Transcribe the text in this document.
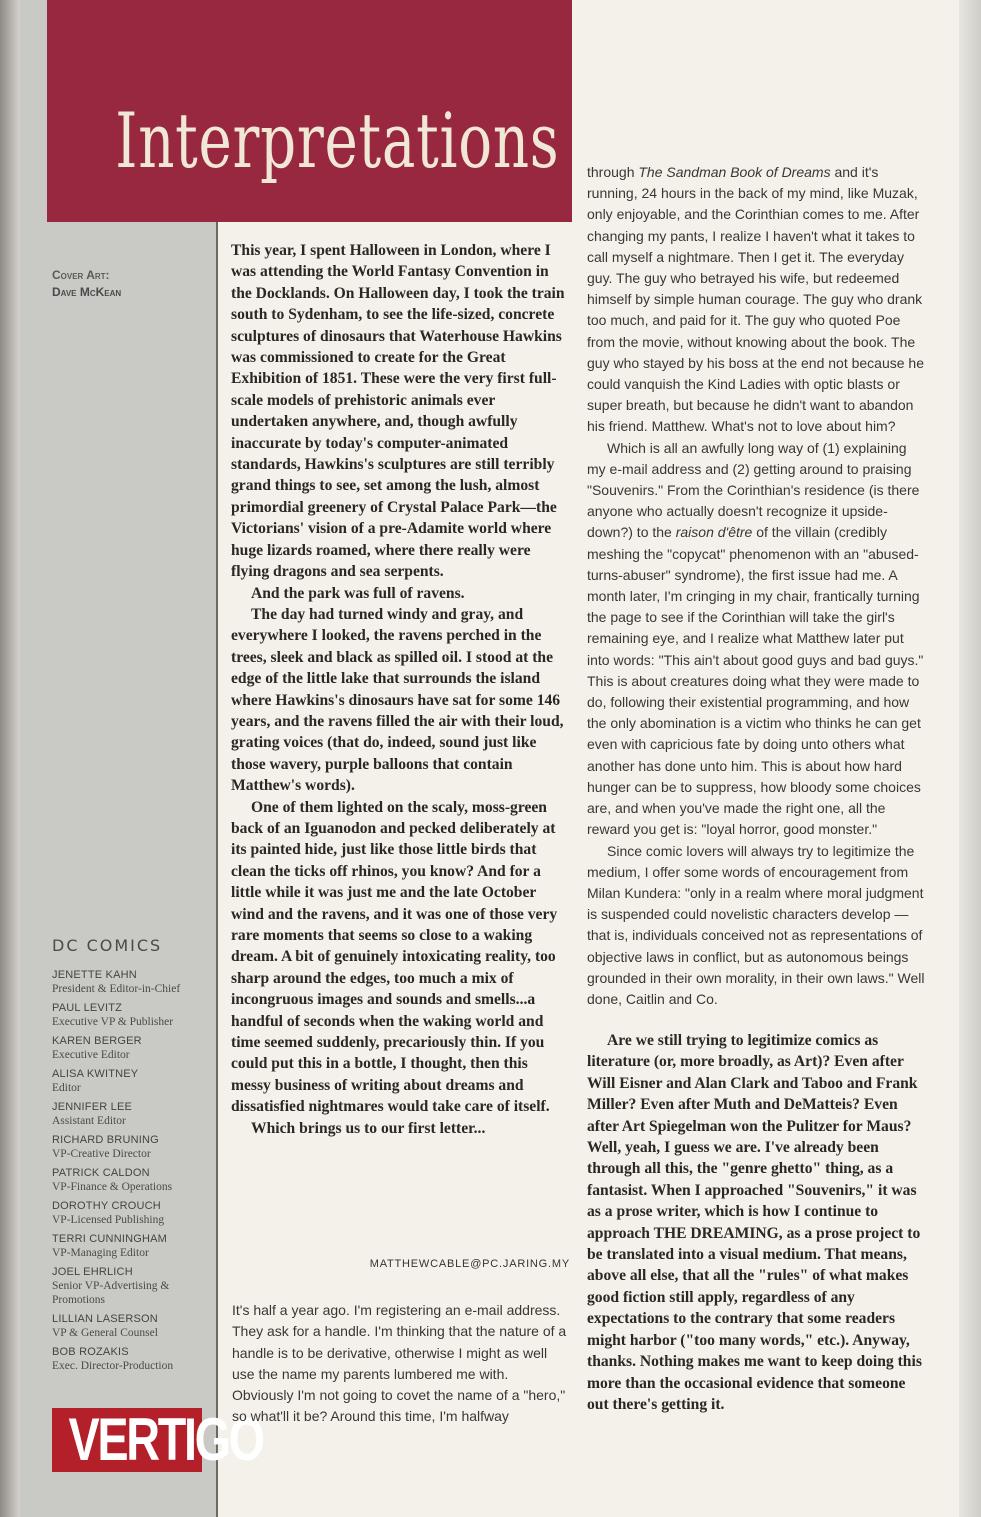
Interpretations
Cover Art:
Dave McKean
DC COMICS
JENETTE KAHN
President & Editor-in-Chief
PAUL LEVITZ
Executive VP & Publisher
KAREN BERGER
Executive Editor
ALISA KWITNEY
Editor
JENNIFER LEE
Assistant Editor
RICHARD BRUNING
VP-Creative Director
PATRICK CALDON
VP-Finance & Operations
DOROTHY CROUCH
VP-Licensed Publishing
TERRI CUNNINGHAM
VP-Managing Editor
JOEL EHRLICH
Senior VP-Advertising & Promotions
LILLIAN LASERSON
VP & General Counsel
BOB ROZAKIS
Exec. Director-Production
VERTIGO

This year, I spent Halloween in London, where I was attending the World Fantasy Convention in the Docklands. On Halloween day, I took the train south to Sydenham, to see the life-sized, concrete sculptures of dinosaurs that Waterhouse Hawkins was commissioned to create for the Great Exhibition of 1851. These were the very first full-scale models of prehistoric animals ever undertaken anywhere, and, though awfully inaccurate by today's computer-animated standards, Hawkins's sculptures are still terribly grand things to see, set among the lush, almost primordial greenery of Crystal Palace Park—the Victorians' vision of a pre-Adamite world where huge lizards roamed, where there really were flying dragons and sea serpents.

And the park was full of ravens.

The day had turned windy and gray, and everywhere I looked, the ravens perched in the trees, sleek and black as spilled oil. I stood at the edge of the little lake that surrounds the island where Hawkins's dinosaurs have sat for some 146 years, and the ravens filled the air with their loud, grating voices (that do, indeed, sound just like those wavery, purple balloons that contain Matthew's words).

One of them lighted on the scaly, moss-green back of an Iguanodon and pecked deliberately at its painted hide, just like those little birds that clean the ticks off rhinos, you know? And for a little while it was just me and the late October wind and the ravens, and it was one of those very rare moments that seems so close to a waking dream. A bit of genuinely intoxicating reality, too sharp around the edges, too much a mix of incongruous images and sounds and smells...a handful of seconds when the waking world and time seemed suddenly, precariously thin. If you could put this in a bottle, I thought, then this messy business of writing about dreams and dissatisfied nightmares would take care of itself.

Which brings us to our first letter...

MATTHEWCABLE@PC.JARING.MY

It's half a year ago. I'm registering an e-mail address. They ask for a handle. I'm thinking that the nature of a handle is to be derivative, otherwise I might as well use the name my parents lumbered me with. Obviously I'm not going to covet the name of a "hero," so what'll it be? Around this time, I'm halfway

through The Sandman Book of Dreams and it's running, 24 hours in the back of my mind, like Muzak, only enjoyable, and the Corinthian comes to me. After changing my pants, I realize I haven't what it takes to call myself a nightmare. Then I get it. The everyday guy. The guy who betrayed his wife, but redeemed himself by simple human courage. The guy who drank too much, and paid for it. The guy who quoted Poe from the movie, without knowing about the book. The guy who stayed by his boss at the end not because he could vanquish the Kind Ladies with optic blasts or super breath, but because he didn't want to abandon his friend. Matthew. What's not to love about him?

Which is all an awfully long way of (1) explaining my e-mail address and (2) getting around to praising "Souvenirs." From the Corinthian's residence (is there anyone who actually doesn't recognize it upside-down?) to the raison d'être of the villain (credibly meshing the "copycat" phenomenon with an "abused-turns-abuser" syndrome), the first issue had me. A month later, I'm cringing in my chair, frantically turning the page to see if the Corinthian will take the girl's remaining eye, and I realize what Matthew later put into words: "This ain't about good guys and bad guys." This is about creatures doing what they were made to do, following their existential programming, and how the only abomination is a victim who thinks he can get even with capricious fate by doing unto others what another has done unto him. This is about how hard hunger can be to suppress, how bloody some choices are, and when you've made the right one, all the reward you get is: "loyal horror, good monster."

Since comic lovers will always try to legitimize the medium, I offer some words of encouragement from Milan Kundera: "only in a realm where moral judgment is suspended could novelistic characters develop — that is, individuals conceived not as representations of objective laws in conflict, but as autonomous beings grounded in their own morality, in their own laws." Well done, Caitlin and Co.

Are we still trying to legitimize comics as literature (or, more broadly, as Art)? Even after Will Eisner and Alan Clark and Taboo and Frank Miller? Even after Muth and DeMatteis? Even after Art Spiegelman won the Pulitzer for Maus? Well, yeah, I guess we are. I've already been through all this, the "genre ghetto" thing, as a fantasist. When I approached "Souvenirs," it was as a prose writer, which is how I continue to approach THE DREAMING, as a prose project to be translated into a visual medium. That means, above all else, that all the "rules" of what makes good fiction still apply, regardless of any expectations to the contrary that some readers might harbor ("too many words," etc.). Anyway, thanks. Nothing makes me want to keep doing this more than the occasional evidence that someone out there's getting it.
